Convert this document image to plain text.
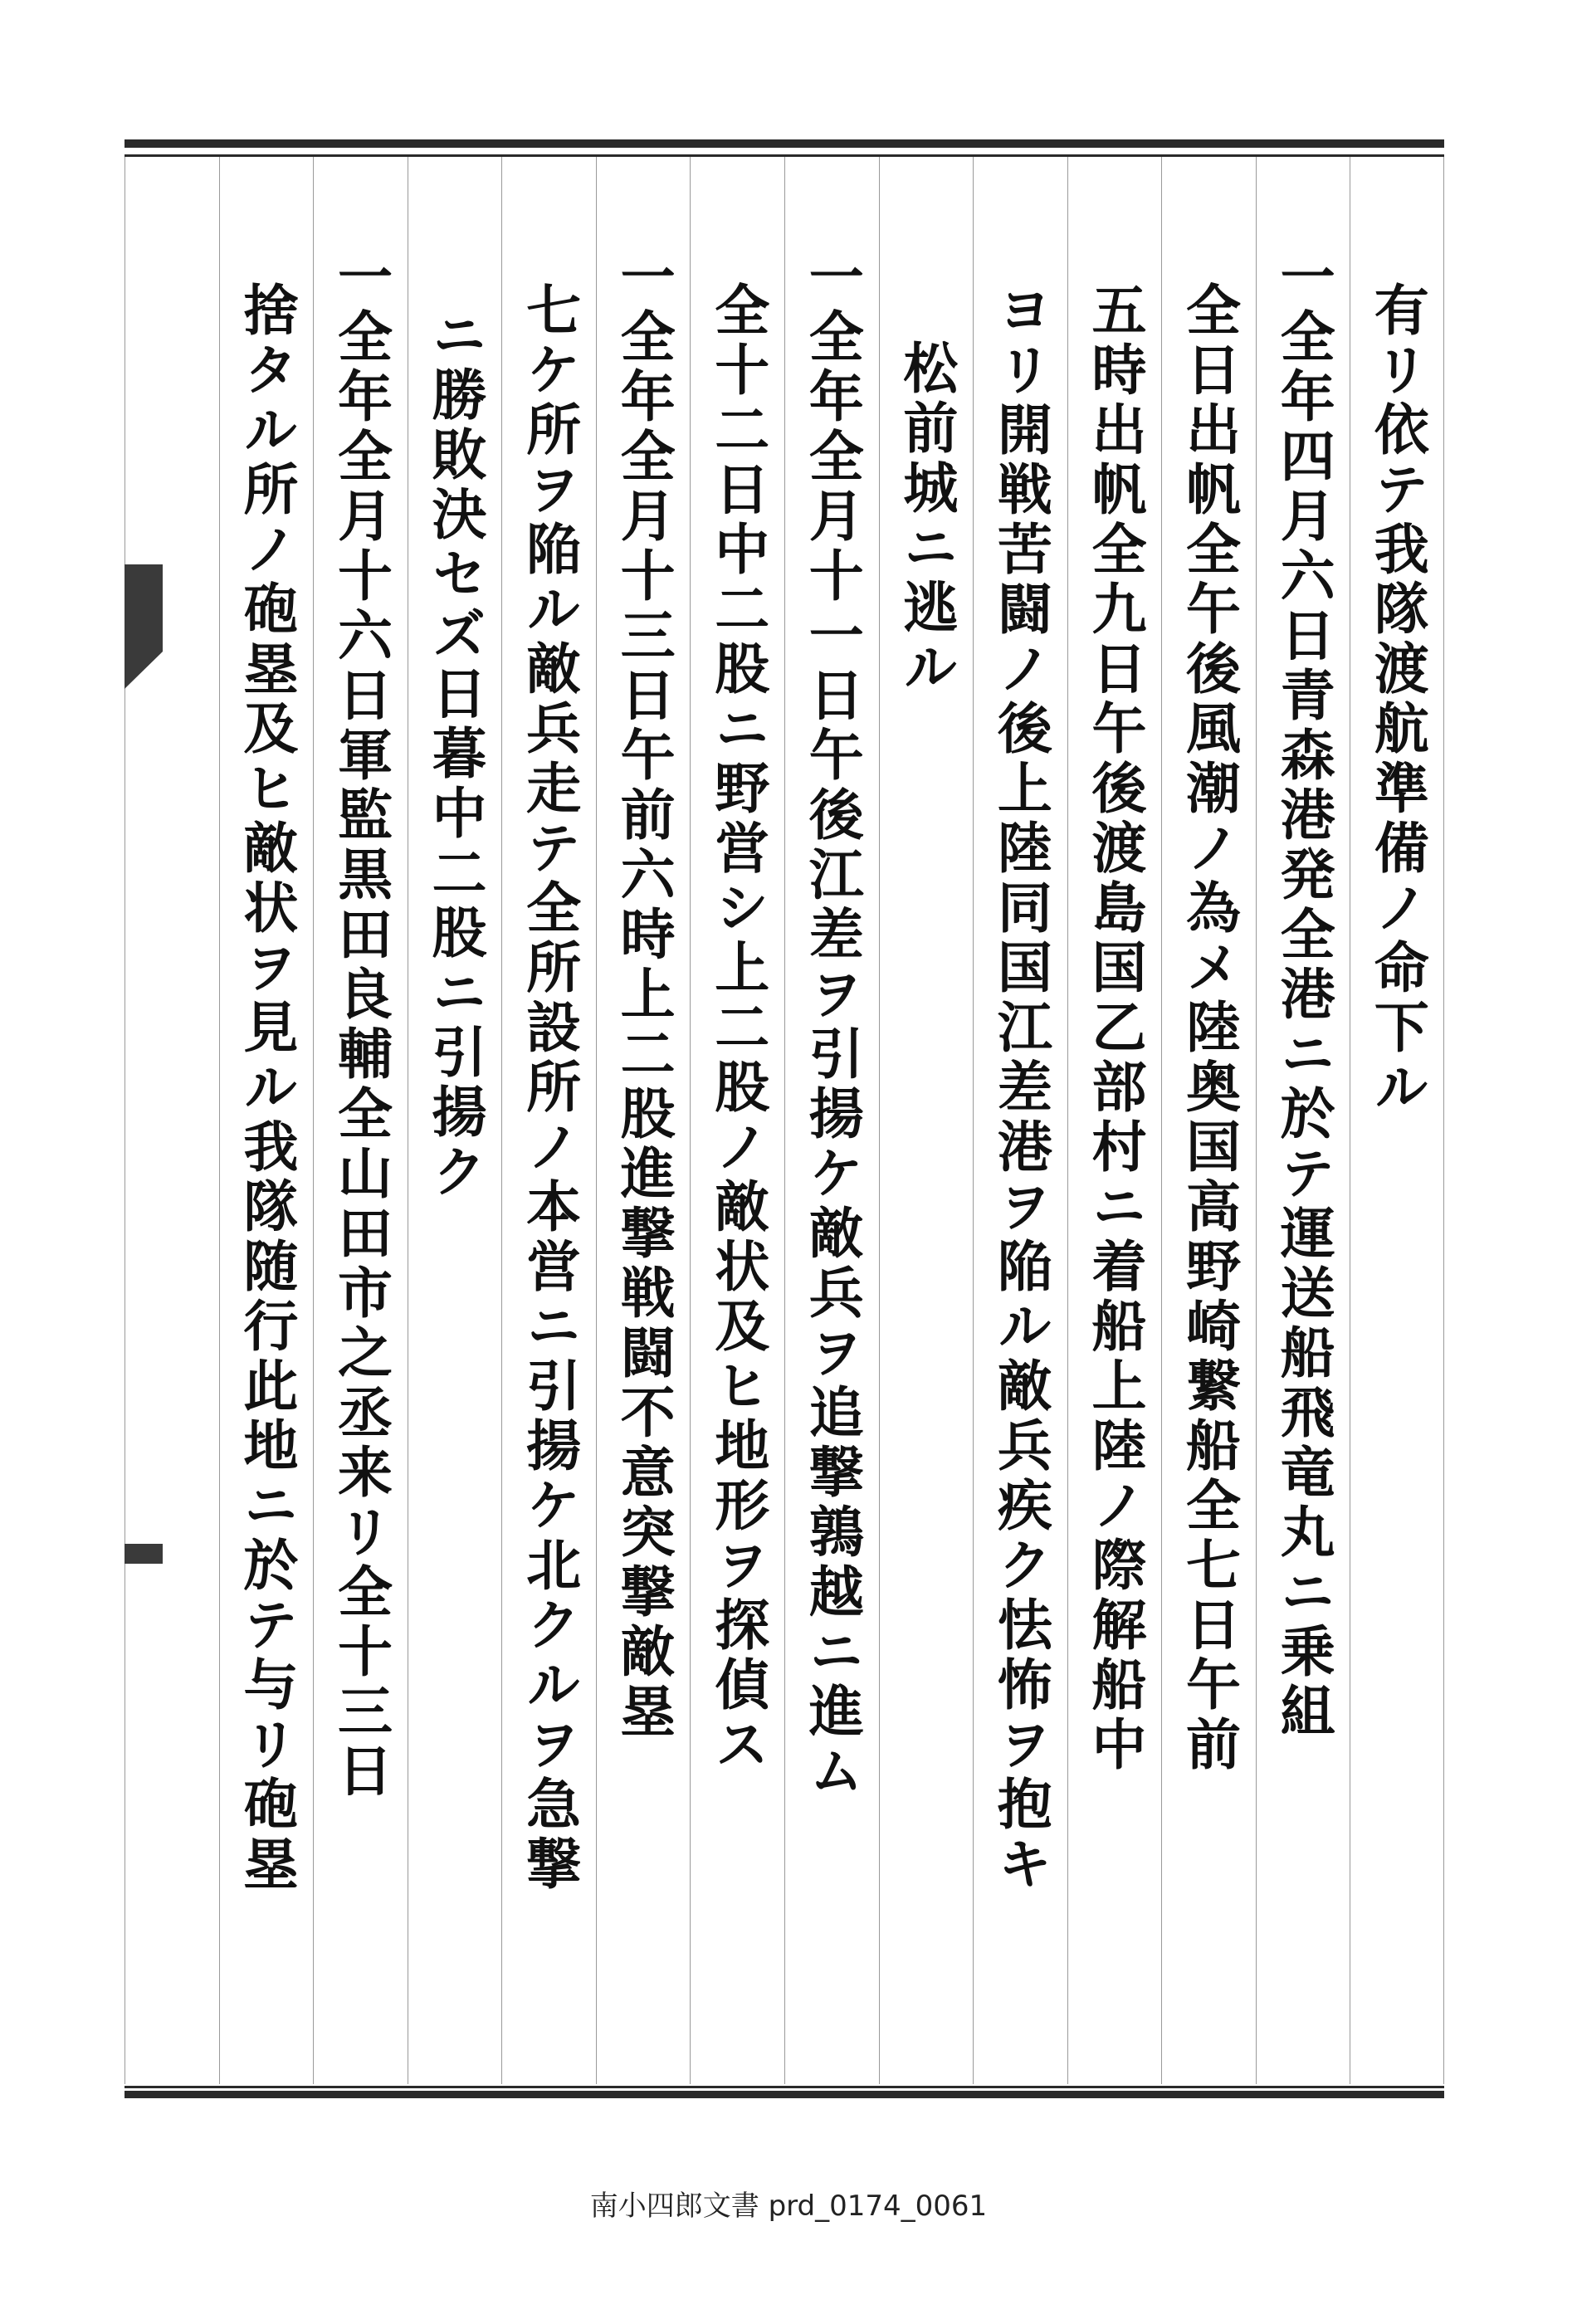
有リ依テ我隊渡航準備ノ命下ル
一全年四月六日青森港発全港ニ於テ運送船飛竜丸ニ乗組
全日出帆全午後風潮ノ為メ陸奥国高野崎繋船全七日午前
五時出帆全九日午後渡島国乙部村ニ着船上陸ノ際解船中
ヨリ開戦苦闘ノ後上陸同国江差港ヲ陥ル敵兵疾ク怯怖ヲ抱キ
松前城ニ逃ル
一全年全月十一日午後江差ヲ引揚ケ敵兵ヲ追撃鶉越ニ進ム
全十二日中二股ニ野営シ上二股ノ敵状及ヒ地形ヲ探偵ス
一全年全月十三日午前六時上二股進撃戦闘不意突撃敵塁
七ケ所ヲ陥ル敵兵走テ全所設所ノ本営ニ引揚ケ北クルヲ急撃
ニ勝敗決セズ日暮中二股ニ引揚ク
一全年全月十六日軍監黒田良輔全山田市之丞来リ全十三日
捨タル所ノ砲塁及ヒ敵状ヲ見ル我隊随行此地ニ於テ与リ砲塁
南小四郎文書 prd_0174_0061
